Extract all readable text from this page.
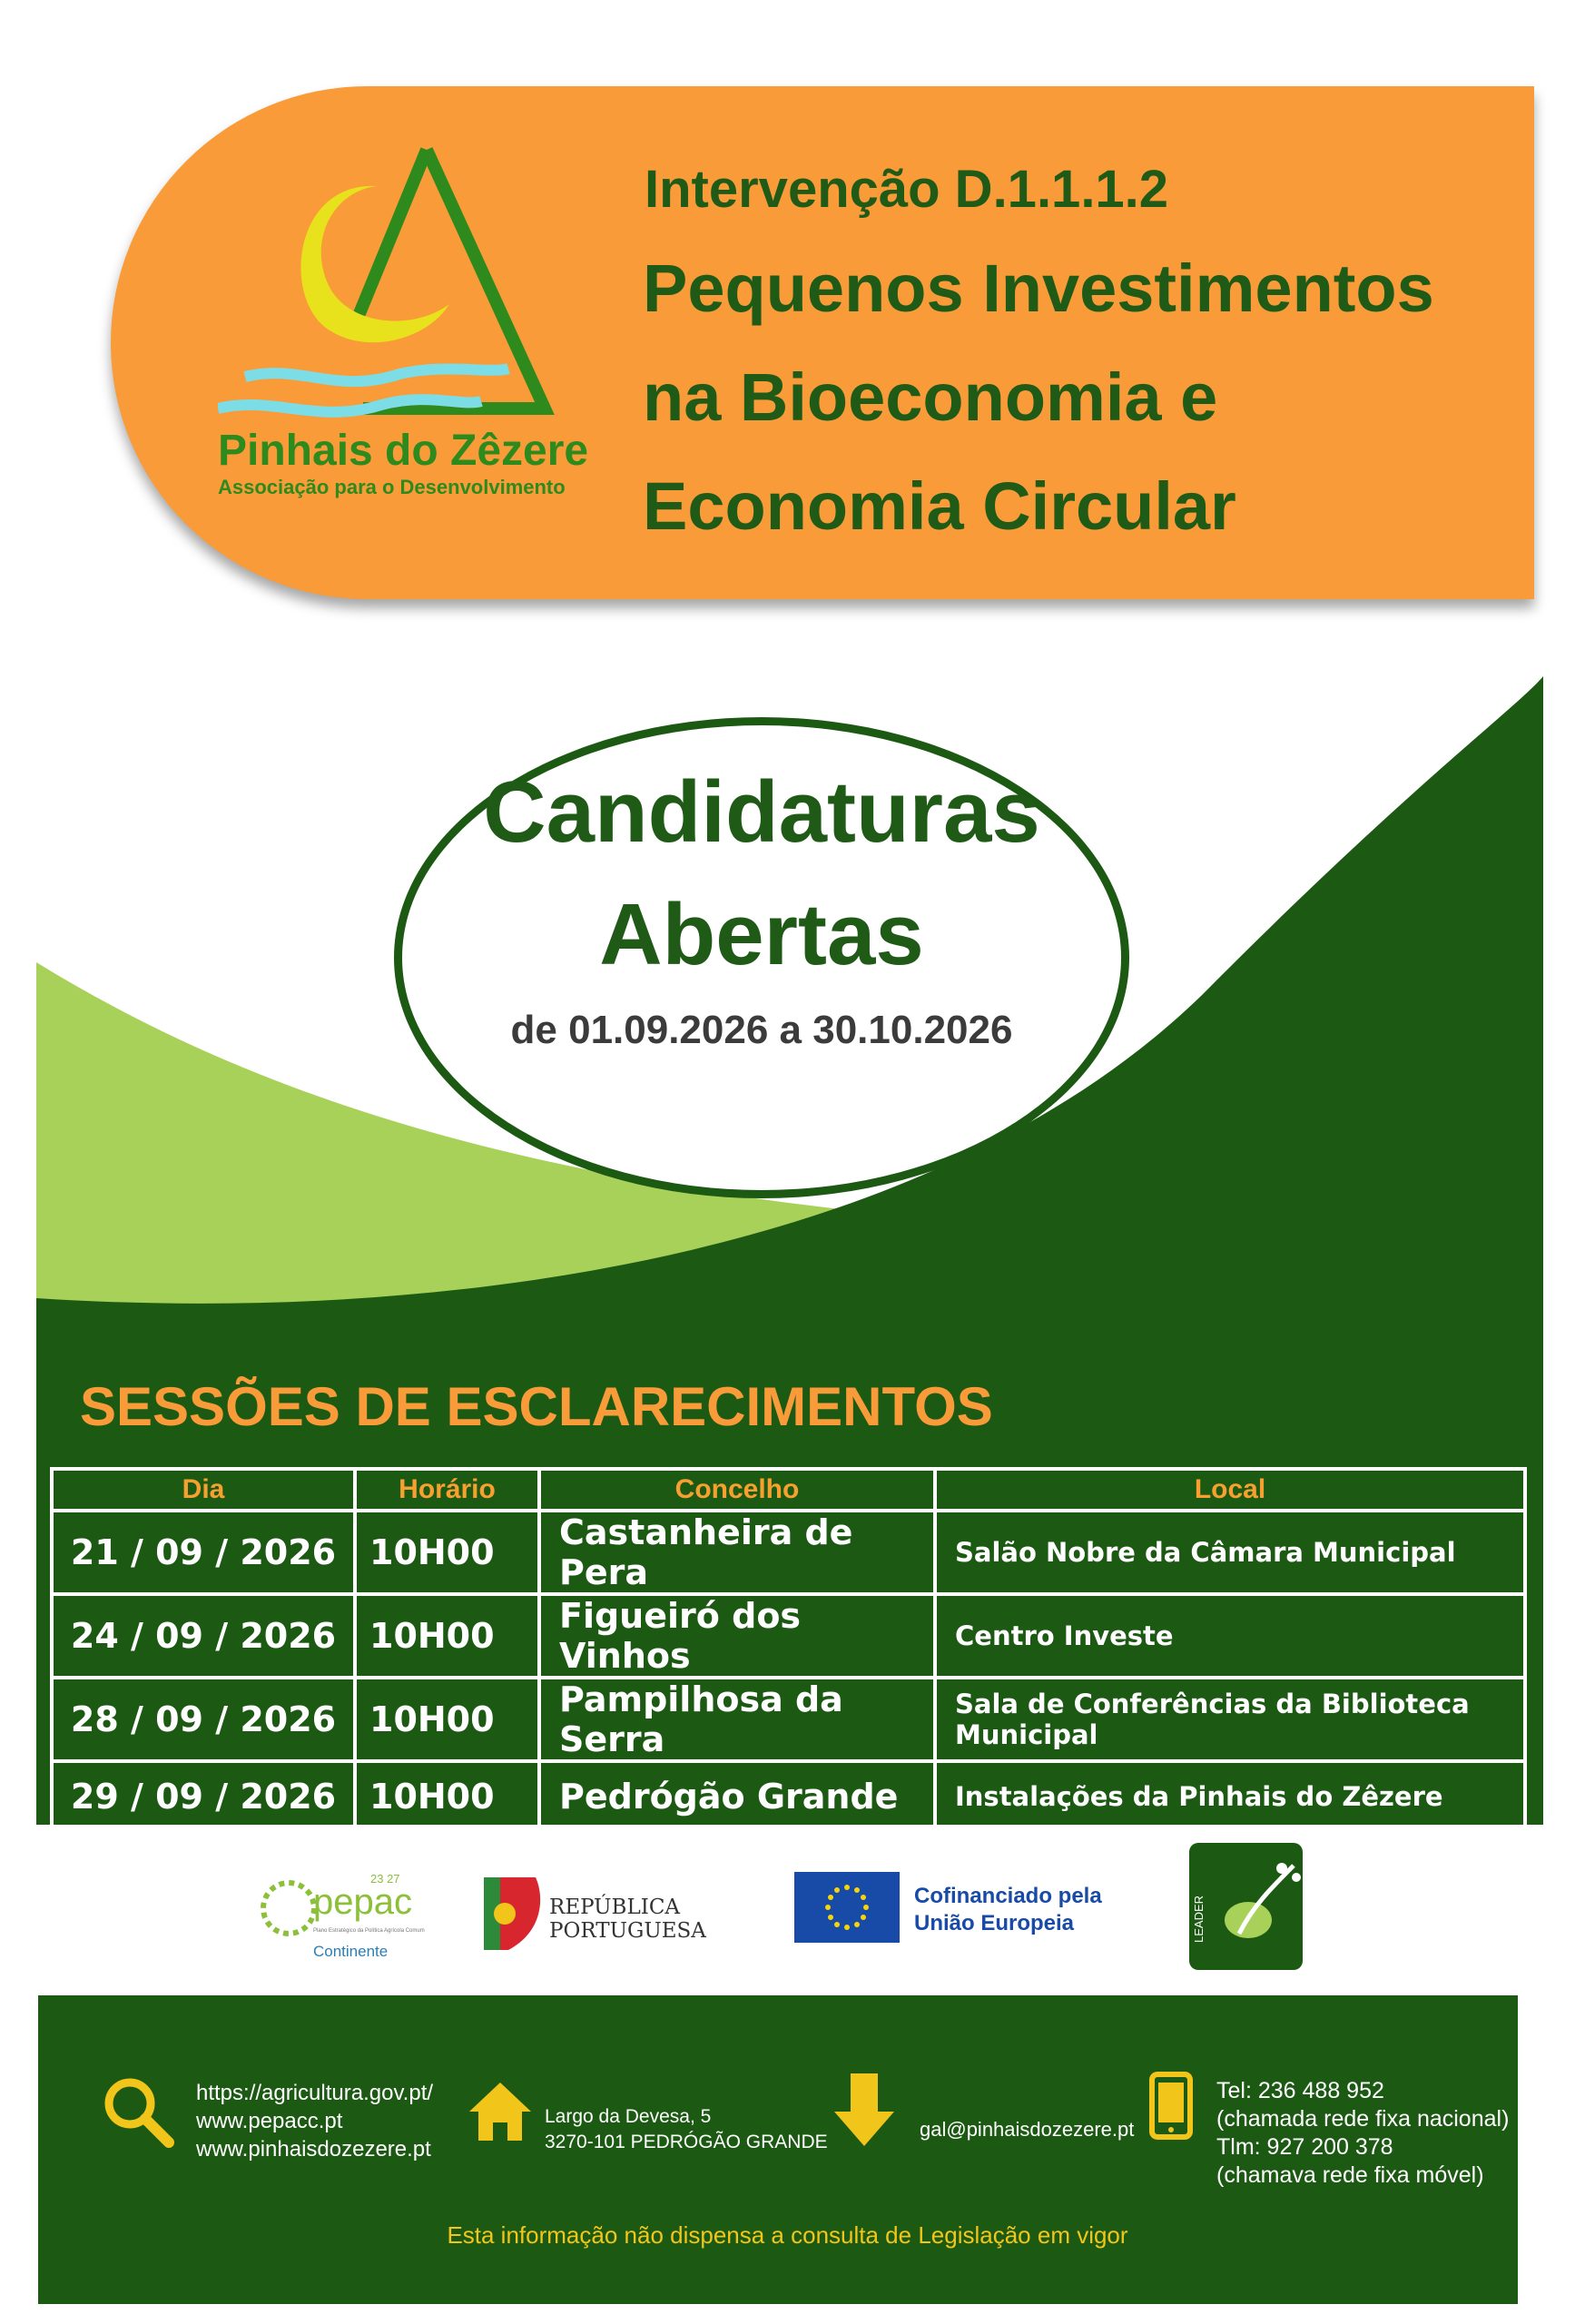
Pinhais do Zêzere
Associação para o Desenvolvimento
Intervenção D.1.1.1.2
Pequenos Investimentos
na Bioeconomia e
Economia Circular
Candidaturas
Abertas
de 01.09.2026 a 30.10.2026
SESSÕES DE ESCLARECIMENTOS
Dia	Horário	Concelho	Local
21 / 09 / 2026	10H00	Castanheira de Pera	Salão Nobre da Câmara Municipal
24 / 09 / 2026	10H00	Figueiró dos Vinhos	Centro Investe
28 / 09 / 2026	10H00	Pampilhosa da Serra	Sala de Conferências da Biblioteca Municipal
29 / 09 / 2026	10H00	Pedrógão Grande	Instalações da Pinhais do Zêzere
pepac
23 27
Plano Estratégico da Política Agrícola Comum
Continente
REPÚBLICA
PORTUGUESA
Cofinanciado pela
União Europeia	LEADER
https://agricultura.gov.pt/
www.pepacc.pt
www.pinhaisdozezere.pt
Largo da Devesa, 5
3270-101 PEDRÓGÃO GRANDE
gal@pinhaisdozezere.pt
Tel: 236 488 952
(chamada rede fixa nacional)
Tlm: 927 200 378
(chamava rede fixa móvel)
Esta informação não dispensa a consulta de Legislação em vigor
